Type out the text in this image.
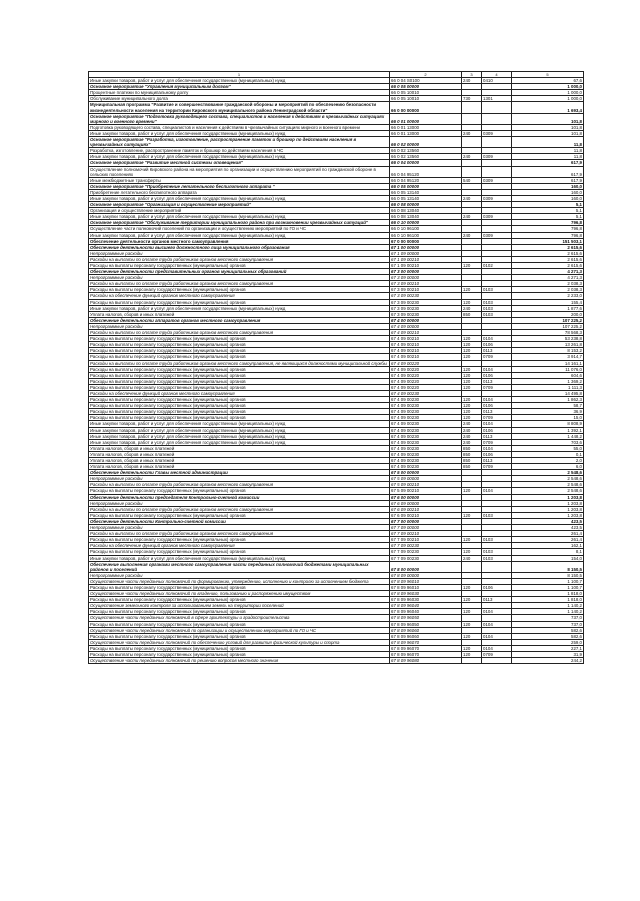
1	2	3	4	5
Иные закупки товаров, работ и услуг для обеспечения государственных (муниципальных) нужд	66 0 04 S0100	240	0410	67,6
Основное мероприятие "Управления муниципальным долгом"	66 0 05 00000			1 000,0
Процентные платежи по муниципальному долгу	66 0 05 10010			1 000,0
Обслуживание муниципального долга	66 0 05 10010	730	1301	1 000,0
Муниципальная программа "Развитие и совершенствование гражданской обороны и мероприятий по обеспечению безопасности жизнедеятельности населения на территории Кировского муниципального района Ленинградской области"	66 0 00 00000			1 693,4
Основное мероприятие "Подготовка руководящего состава, специалистов и населения к действиям в чрезвычайных ситуациях мирного и военного времени"	66 0 01 00000			101,8
Подготовка руководящего состава, специалистов и населения к действиям в чрезвычайных ситуациях мирного и военного времени	66 0 01 13000			101,8
Иные закупки товаров, работ и услуг для обеспечения государственных (муниципальных) нужд	66 0 01 13000	240	0309	101,8
Основное мероприятие "Разработка, изготовление, распространение памяток и брошюр по действиям населения в чрезвычайных ситуациях"	66 0 02 00000			11,8
Разработка, изготовление, распространение памяток и брошюр по действиям населения в ЧС	66 0 02 13560			11,8
Иные закупки товаров, работ и услуг для обеспечения государственных (муниципальных) нужд	66 0 02 13560	240	0309	11,8
Основное мероприятие "Развитие местной системы оповещения"	66 0 04 00000			617,9
Осуществление полномочий Кировского района на мероприятия по организации и осуществлению мероприятий по гражданской обороне в сельских поселениях	66 0 04 95120			617,9
Иные межбюджетные трансферты	66 0 04 95120	540	0309	617,9
Основное мероприятие "Приобретение летательного беспилотного аппарата "	66 0 05 00000			160,0
Приобретение летательного беспилотного аппарата	66 0 05 13140			160,0
Иные закупки товаров, работ и услуг для обеспечения государственных (муниципальных) нужд	66 0 05 13140	240	0309	160,0
Основное мероприятие "Организация и осуществление мероприятий"	66 0 08 00000			5,1
Организация и осуществление мероприятий	66 0 08 13040			5,1
Иные закупки товаров, работ и услуг для обеспечения государственных (муниципальных) нужд	66 0 08 13040	240	0309	5,1
Основное мероприятие "Обслуживание территории муниципального района при возникновении чрезвычайных ситуаций"	66 0 10 00000			796,8
Осуществление части полномочий поселений по организации и осуществлению мероприятий по ГО и ЧС	66 0 10 96100			796,8
Иные закупки товаров, работ и услуг для обеспечения государственных (муниципальных) нужд	66 0 10 96100	240	0309	796,8
Обеспечение деятельности органов местного самоуправления	67 0 00 00000			151 503,1
Обеспечение деятельности высшего должностного лица муниципального образования	67 1 00 00000			2 615,6
Непрограммные расходы	67 1 09 00000			2 615,6
Расходы на выплаты по оплате труда работников органов местного самоуправления	67 1 09 00210			2 615,6
Расходы на выплаты персоналу государственных (муниципальных) органов	67 1 09 00210	120	0102	2 615,6
Обеспечение деятельности представительных органов муниципальных образований	67 3 00 00000			4 271,3
Непрограммные расходы	67 3 09 00000			4 271,3
Расходы на выплаты по оплате труда работников органов местного самоуправления	67 3 09 00210			2 038,3
Расходы на выплаты персоналу государственных (муниципальных) органов	67 3 09 00210	120	0103	2 038,3
Расходы на обеспечение функций органов местного самоуправления	67 3 09 00230			2 233,0
Расходы на выплаты персоналу государственных (муниципальных) органов	67 3 09 00230	120	0103	155,4
Иные закупки товаров, работ и услуг для обеспечения государственных (муниципальных) нужд	67 3 09 00230	240	0103	1 877,6
Уплата налогов, сборов и иных платежей	67 3 09 00230	850	0103	200,0
Обеспечение деятельности аппаратов органов местного самоуправления	67 4 00 00000			107 225,2
Непрограммные расходы	67 4 09 00000			107 225,2
Расходы на выплаты по оплате труда работников органов местного самоуправления	67 4 09 00210			78 568,3
Расходы на выплаты персоналу государственных (муниципальных) органов	67 4 09 00210	120	0104	53 238,8
Расходы на выплаты персоналу государственных (муниципальных) органов	67 4 09 00210	120	0106	13 261,8
Расходы на выплаты персоналу государственных (муниципальных) органов	67 4 09 00210	120	0113	8 153,2
Расходы на выплаты персоналу государственных (муниципальных) органов	67 4 09 00210	120	0709	3 914,7
Расходы на выплаты по оплате труда работников органов местного самоуправления, не являющихся должностями муниципальной службы	67 4 09 00220			14 161,1
Расходы на выплаты персоналу государственных (муниципальных) органов	67 4 09 00220	120	0104	11 076,0
Расходы на выплаты персоналу государственных (муниципальных) органов	67 4 09 00220	120	0106	604,6
Расходы на выплаты персоналу государственных (муниципальных) органов	67 4 09 00220	120	0113	1 369,2
Расходы на выплаты персоналу государственных (муниципальных) органов	67 4 09 00220	120	0709	1 111,3
Расходы на обеспечение функций органов местного самоуправления	67 4 09 00230			14 495,8
Расходы на выплаты персоналу государственных (муниципальных) органов	67 4 09 00230	120	0104	1 862,3
Расходы на выплаты персоналу государственных (муниципальных) органов	67 4 09 00230	120	0106	58,7
Расходы на выплаты персоналу государственных (муниципальных) органов	67 4 09 00230	120	0113	36,9
Расходы на выплаты персоналу государственных (муниципальных) органов	67 4 09 00230	120	0709	15,0
Иные закупки товаров, работ и услуг для обеспечения государственных (муниципальных) нужд	67 4 09 00230	240	0104	8 808,9
Иные закупки товаров, работ и услуг для обеспечения государственных (муниципальных) нужд	67 4 09 00230	240	0106	1 392,1
Иные закупки товаров, работ и услуг для обеспечения государственных (муниципальных) нужд	67 4 09 00230	240	0113	1 448,2
Иные закупки товаров, работ и услуг для обеспечения государственных (муниципальных) нужд	67 4 09 00230	240	0709	703,6
Уплата налогов, сборов и иных платежей	67 4 09 00230	850	0104	55,0
Уплата налогов, сборов и иных платежей	67 4 09 00230	850	0106	0,1
Уплата налогов, сборов и иных платежей	67 4 09 00230	850	0113	2,0
Уплата налогов, сборов и иных платежей	67 4 09 00230	850	0709	6,0
Обеспечение деятельности Главы местной администрации	67 5 00 00000			2 548,6
Непрограммные расходы	67 5 09 00000			2 548,6
Расходы на выплаты по оплате труда работников органов местного самоуправления	67 5 09 00210			2 548,6
Расходы на выплаты персоналу государственных (муниципальных) органов	67 5 09 00210	120	0104	2 548,6
Обеспечение деятельности председателя Контрольно-счетной комиссии	67 6 00 00000			1 203,8
Непрограммные расходы	67 6 09 00000			1 203,8
Расходы на выплаты по оплате труда работников органов местного самоуправления	67 6 09 00210			1 203,8
Расходы на выплаты персоналу государственных (муниципальных) органов	67 6 09 00210	120	0103	1 203,8
Обеспечение деятельности Контрольно-счетной комиссии	67 7 00 00000			423,5
Непрограммные расходы	67 7 09 00000			423,5
Расходы на выплаты по оплате труда работников органов местного самоуправления	67 7 09 00210			261,4
Расходы на выплаты персоналу государственных (муниципальных) органов	67 7 09 00210	120	0103	261,4
Расходы на обеспечение функций органов местного самоуправления	67 7 09 00230			162,1
Расходы на выплаты персоналу государственных (муниципальных) органов	67 7 09 00230	120	0103	8,1
Иные закупки товаров, работ и услуг для обеспечения государственных (муниципальных) нужд	67 7 09 00230	240	0103	154,0
Обеспечение выполнения органами местного самоуправления части переданных полномочий бюджетами муниципальных районов и поселений	67 8 00 00000			8 150,5
Непрограммные расходы	67 8 09 00000			8 150,5
Осуществление части переданных полномочий по формированию, утверждению, исполнению и контролю за исполнением бюджета	67 8 09 96010			1 100,7
Расходы на выплаты персоналу государственных (муниципальных) органов	67 8 09 96010	120	0106	1 100,7
Осуществление части переданных полномочий по владению, пользованию и распоряжению имуществом	67 8 09 96030			1 818,0
Расходы на выплаты персоналу государственных (муниципальных) органов	67 8 09 96030	120	0113	1 818,0
Осуществление земельного контроля за использованием земель на территории поселений	67 8 09 96040			1 140,2
Расходы на выплаты персоналу государственных (муниципальных) органов	67 8 09 96040	120	0104	1 140,2
Осуществление части переданных полномочий в сфере архитектуры и градостроительства	67 8 09 96050			737,0
Расходы на выплаты персоналу государственных (муниципальных) органов	67 8 09 96050	120	0104	737,0
Осуществление части переданных полномочий по организации и осуществлению мероприятий по ГО и ЧС	67 8 09 96060			582,6
Расходы на выплаты персоналу государственных (муниципальных) органов	67 8 09 96060	120	0104	582,6
Осуществление части переданных полномочий по обеспечению условий для развития физической культуры и спорта	67 8 09 96070			259,0
Расходы на выплаты персоналу государственных (муниципальных) органов	67 8 09 96070	120	0104	227,1
Расходы на выплаты персоналу государственных (муниципальных) органов	67 8 09 96070	120	0709	31,9
Осуществление части переданных полномочий по решению вопросов местного значения	67 8 09 96080			244,2
